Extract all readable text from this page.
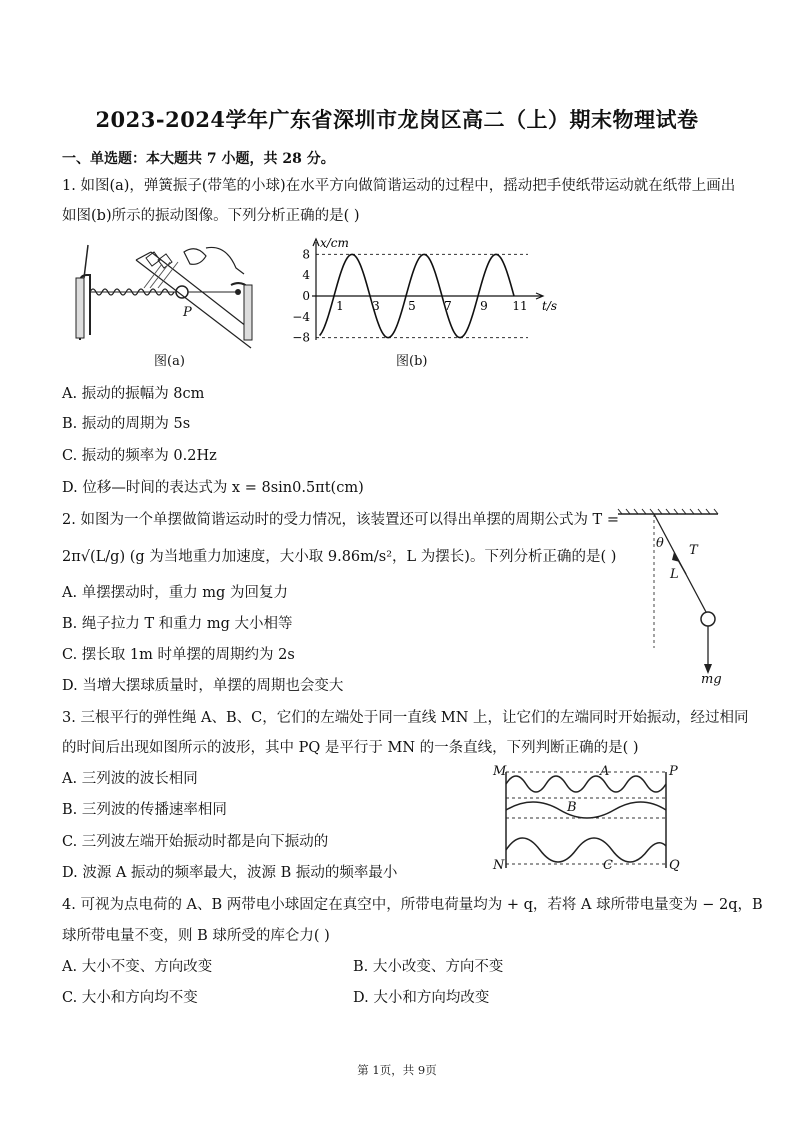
2023-2024学年广东省深圳市龙岗区高二（上）期末物理试卷
一、单选题：本大题共 7 小题，共 28 分。
1. 如图(a)，弹簧振子(带笔的小球)在水平方向做简谐运动的过程中，摇动把手使纸带运动就在纸带上画出
如图(b)所示的振动图像。下列分析正确的是( )
P
图(a)
x/cm
t/s
8
4
0
−4
−8
1 3 5 7 9 11
图(b)
A. 振动的振幅为 8cm
B. 振动的周期为 5s
C. 振动的频率为 0.2Hz
D. 位移—时间的表达式为 x = 8sin0.5πt(cm)
2. 如图为一个单摆做简谐运动时的受力情况，该装置还可以得出单摆的周期公式为 T =
2π√(L/g) (g 为当地重力加速度，大小取 9.86m/s²，L 为摆长)。下列分析正确的是( )
θ T
L
mg
A. 单摆摆动时，重力 mg 为回复力
B. 绳子拉力 T 和重力 mg 大小相等
C. 摆长取 1m 时单摆的周期约为 2s
D. 当增大摆球质量时，单摆的周期也会变大
3. 三根平行的弹性绳 A、B、C，它们的左端处于同一直线 MN 上，让它们的左端同时开始振动，经过相同
的时间后出现如图所示的波形，其中 PQ 是平行于 MN 的一条直线，下列判断正确的是( )
M	A	P
B
N	C	Q
A. 三列波的波长相同
B. 三列波的传播速率相同
C. 三列波左端开始振动时都是向下振动的
D. 波源 A 振动的频率最大，波源 B 振动的频率最小
4. 可视为点电荷的 A、B 两带电小球固定在真空中，所带电荷量均为 + q，若将 A 球所带电量变为 − 2q，B
球所带电量不变，则 B 球所受的库仑力( )
A. 大小不变、方向改变	B. 大小改变、方向不变
C. 大小和方向均不变	D. 大小和方向均改变
第 1页，共 9页
